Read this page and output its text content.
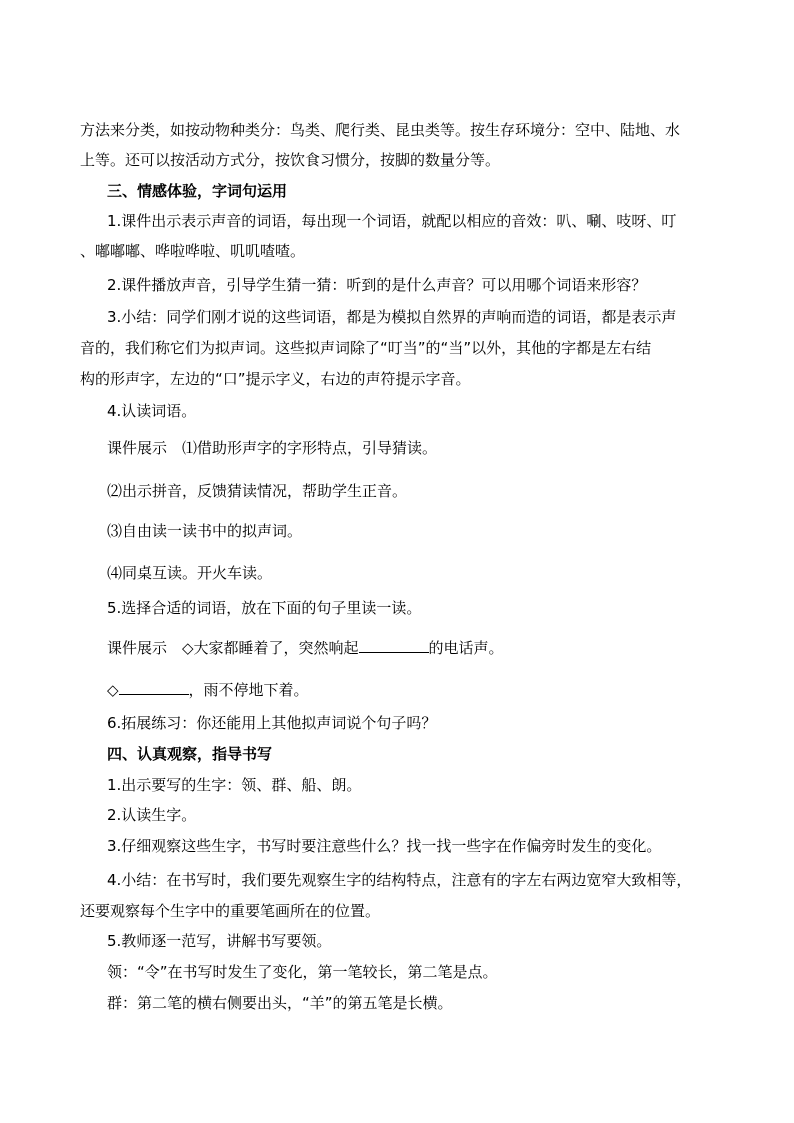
方法来分类，如按动物种类分：鸟类、爬行类、昆虫类等。按生存环境分：空中、陆地、水
上等。还可以按活动方式分，按饮食习惯分，按脚的数量分等。
三、情感体验，字词句运用
1.课件出示表示声音的词语，每出现一个词语，就配以相应的音效：叭、唰、吱呀、叮
、嘟嘟嘟、哗啦哗啦、叽叽喳喳。
2.课件播放声音，引导学生猜一猜：听到的是什么声音？可以用哪个词语来形容？
3.小结：同学们刚才说的这些词语，都是为模拟自然界的声响而造的词语，都是表示声
音的，我们称它们为拟声词。这些拟声词除了“叮当”的“当”以外，其他的字都是左右结
构的形声字，左边的“口”提示字义，右边的声符提示字音。
4.认读词语。
课件展示　⑴借助形声字的字形特点，引导猜读。
⑵出示拼音，反馈猜读情况，帮助学生正音。
⑶自由读一读书中的拟声词。
⑷同桌互读。开火车读。
5.选择合适的词语，放在下面的句子里读一读。
课件展示　◇大家都睡着了，突然响起	的电话声。
◇	，雨不停地下着。
6.拓展练习：你还能用上其他拟声词说个句子吗？
四、认真观察，指导书写
1.出示要写的生字：领、群、船、朗。
2.认读生字。
3.仔细观察这些生字，书写时要注意些什么？找一找一些字在作偏旁时发生的变化。
4.小结：在书写时，我们要先观察生字的结构特点，注意有的字左右两边宽窄大致相等，
还要观察每个生字中的重要笔画所在的位置。
5.教师逐一范写，讲解书写要领。
领：“令”在书写时发生了变化，第一笔较长，第二笔是点。
群：第二笔的横右侧要出头，“羊”的第五笔是长横。
